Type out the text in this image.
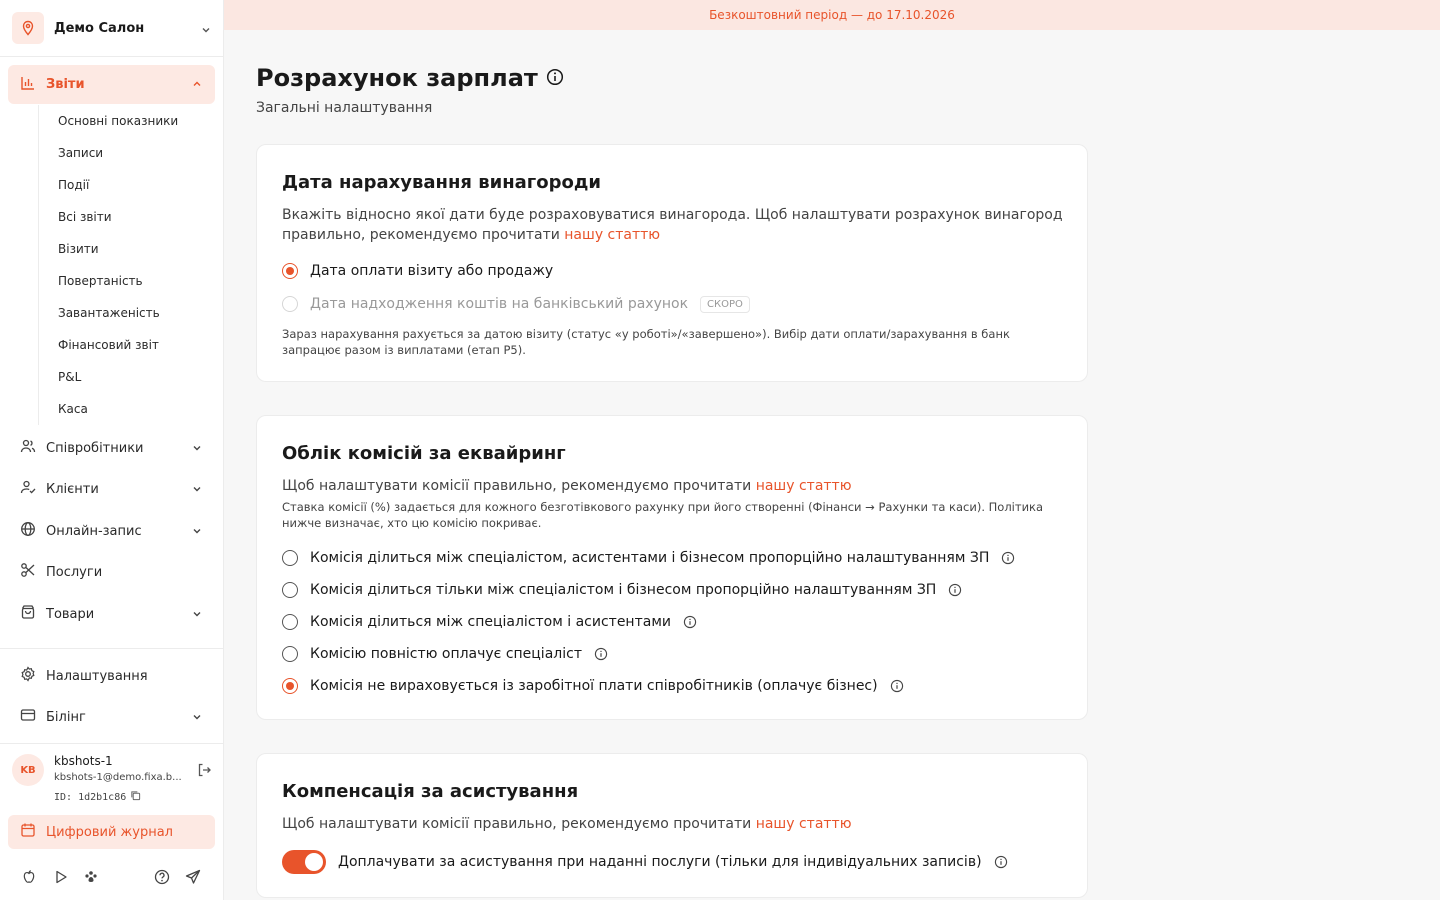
Демо Салон
Звіти
Основні показники
Записи
Події
Всі звіти
Візити
Повертаність
Завантаженість
Фінансовий звіт
P&L
Каса
Співробітники
Клієнти
Онлайн-запис
Послуги
Товари
Налаштування
Білінг
KB
kbshots-1
kbshots-1@demo.fixa.b...
ID: 1d2b1c86
Цифровий журнал
Безкоштовний період — до 17.10.2026
Розрахунок зарплат
Загальні налаштування
Дата нарахування винагороди

Вкажіть відносно якої дати буде розраховуватися винагорода. Щоб налаштувати розрахунок винагород правильно, рекомендуємо прочитати нашу статтю

Дата оплати візиту або продажу
Дата надходження коштів на банківський рахунок	СКОРО

Зараз нарахування рахується за датою візиту (статус «у роботі»/«завершено»). Вибір дати оплати/зарахування в банк запрацює разом із виплатами (етап P5).

Облік комісій за еквайринг

Щоб налаштувати комісії правильно, рекомендуємо прочитати нашу статтю

Ставка комісії (%) задається для кожного безготівкового рахунку при його створенні (Фінанси → Рахунки та каси). Політика нижче визначає, хто цю комісію покриває.

Комісія ділиться між спеціалістом, асистентами і бізнесом пропорційно налаштуванням ЗП
Комісія ділиться тільки між спеціалістом і бізнесом пропорційно налаштуванням ЗП
Комісія ділиться між спеціалістом і асистентами
Комісію повністю оплачує спеціаліст
Комісія не вираховується із заробітної плати співробітників (оплачує бізнес)
Компенсація за асистування

Щоб налаштувати комісії правильно, рекомендуємо прочитати нашу статтю

Доплачувати за асистування при наданні послуги (тільки для індивідуальних записів)
